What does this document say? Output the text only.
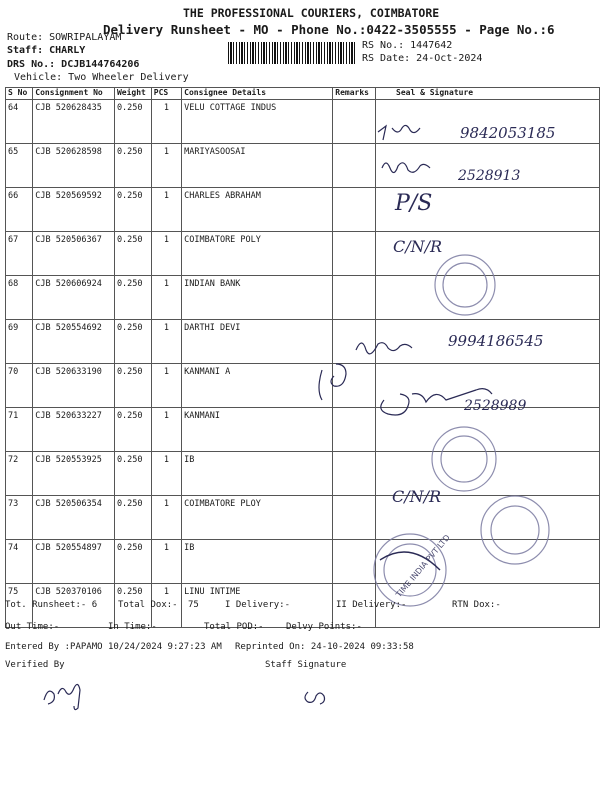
THE PROFESSIONAL COURIERS, COIMBATORE
Delivery Runsheet - MO - Phone No.:0422-3505555 - Page No.:6
Route: SOWRIPALAYAM
Staff: CHARLY
DRS No.: DCJB144764206
Vehicle: Two Wheeler Delivery
RS No.: 1447642
RS Date: 24-Oct-2024
S No	Consignment No	Weight	PCS	Consignee Details	Remarks	Seal & Signature
64	CJB 520628435	0.250	1	VELU COTTAGE INDUS		
65	CJB 520628598	0.250	1	MARIYASOOSAI		
66	CJB 520569592	0.250	1	CHARLES ABRAHAM		
67	CJB 520506367	0.250	1	COIMBATORE POLY		
68	CJB 520606924	0.250	1	INDIAN BANK		
69	CJB 520554692	0.250	1	DARTHI DEVI		
70	CJB 520633190	0.250	1	KANMANI A		
71	CJB 520633227	0.250	1	KANMANI		
72	CJB 520553925	0.250	1	IB		
73	CJB 520506354	0.250	1	COIMBATORE PLOY		
74	CJB 520554897	0.250	1	IB		
75	CJB 520370106	0.250	1	LINU INTIME		
9842053185
2528913
P/S
C/N/R
9994186545
2528989
C/N/R
TIME INDIA PVT LTD
Tot. Runsheet:- 6 Total Dox:- 75	I Delivery:-	II Delivery:-	RTN Dox:-
Out Time:-	In Time:-	Total POD:- Delvy Points:-
Entered By :PAPAMO 10/24/2024 9:27:23 AM Reprinted On: 24-10-2024 09:33:58
Verified By	Staff Signature
